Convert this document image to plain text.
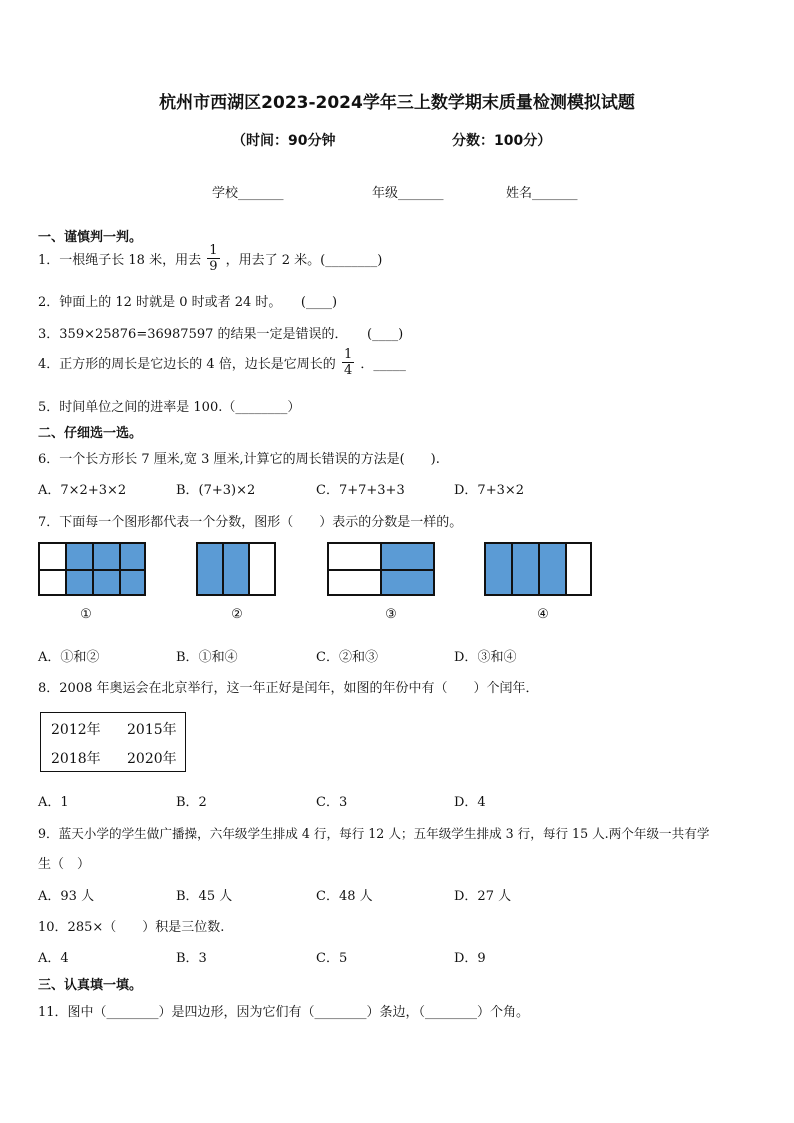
杭州市西湖区2023-2024学年三上数学期末质量检测模拟试题
（时间：90分钟	分数：100分）
学校_______	年级_______	姓名_______
一、谨慎判一判。
1．一根绳子长 18 米，用去 $\frac{1}{9}$ ，用去了 2 米。(________)
2．钟面上的 12 时就是 0 时或者 24 时。　　(____)
3．359×25876=36987597 的结果一定是错误的．　　(____)
4．正方形的周长是它边长的 4 倍，边长是它周长的 $\frac{1}{4}$ ．_____
5．时间单位之间的进率是 100.（________）
二、仔细选一选。
6．一个长方形长 7 厘米,宽 3 厘米,计算它的周长错误的方法是(　　).
A．7×2+3×2	B．(7+3)×2	C．7+7+3+3	D．7+3×2
7．下面每一个图形都代表一个分数，图形（　　）表示的分数是一样的。
①	②	③	④
A．①和②	B．①和④	C．②和③	D．③和④
8．2008 年奥运会在北京举行，这一年正好是闰年，如图的年份中有（　　）个闰年．
2012年 2015年
2018年 2020年
A．1	B．2	C．3	D．4
9．蓝天小学的学生做广播操，六年级学生排成 4 行，每行 12 人；五年级学生排成 3 行，每行 15 人.两个年级一共有学
生（　）
A．93 人	B．45 人	C．48 人	D．27 人
10．285×（　　）积是三位数.
A．4	B．3	C．5	D．9
三、认真填一填。
11．图中（________）是四边形，因为它们有（________）条边，（________）个角。
